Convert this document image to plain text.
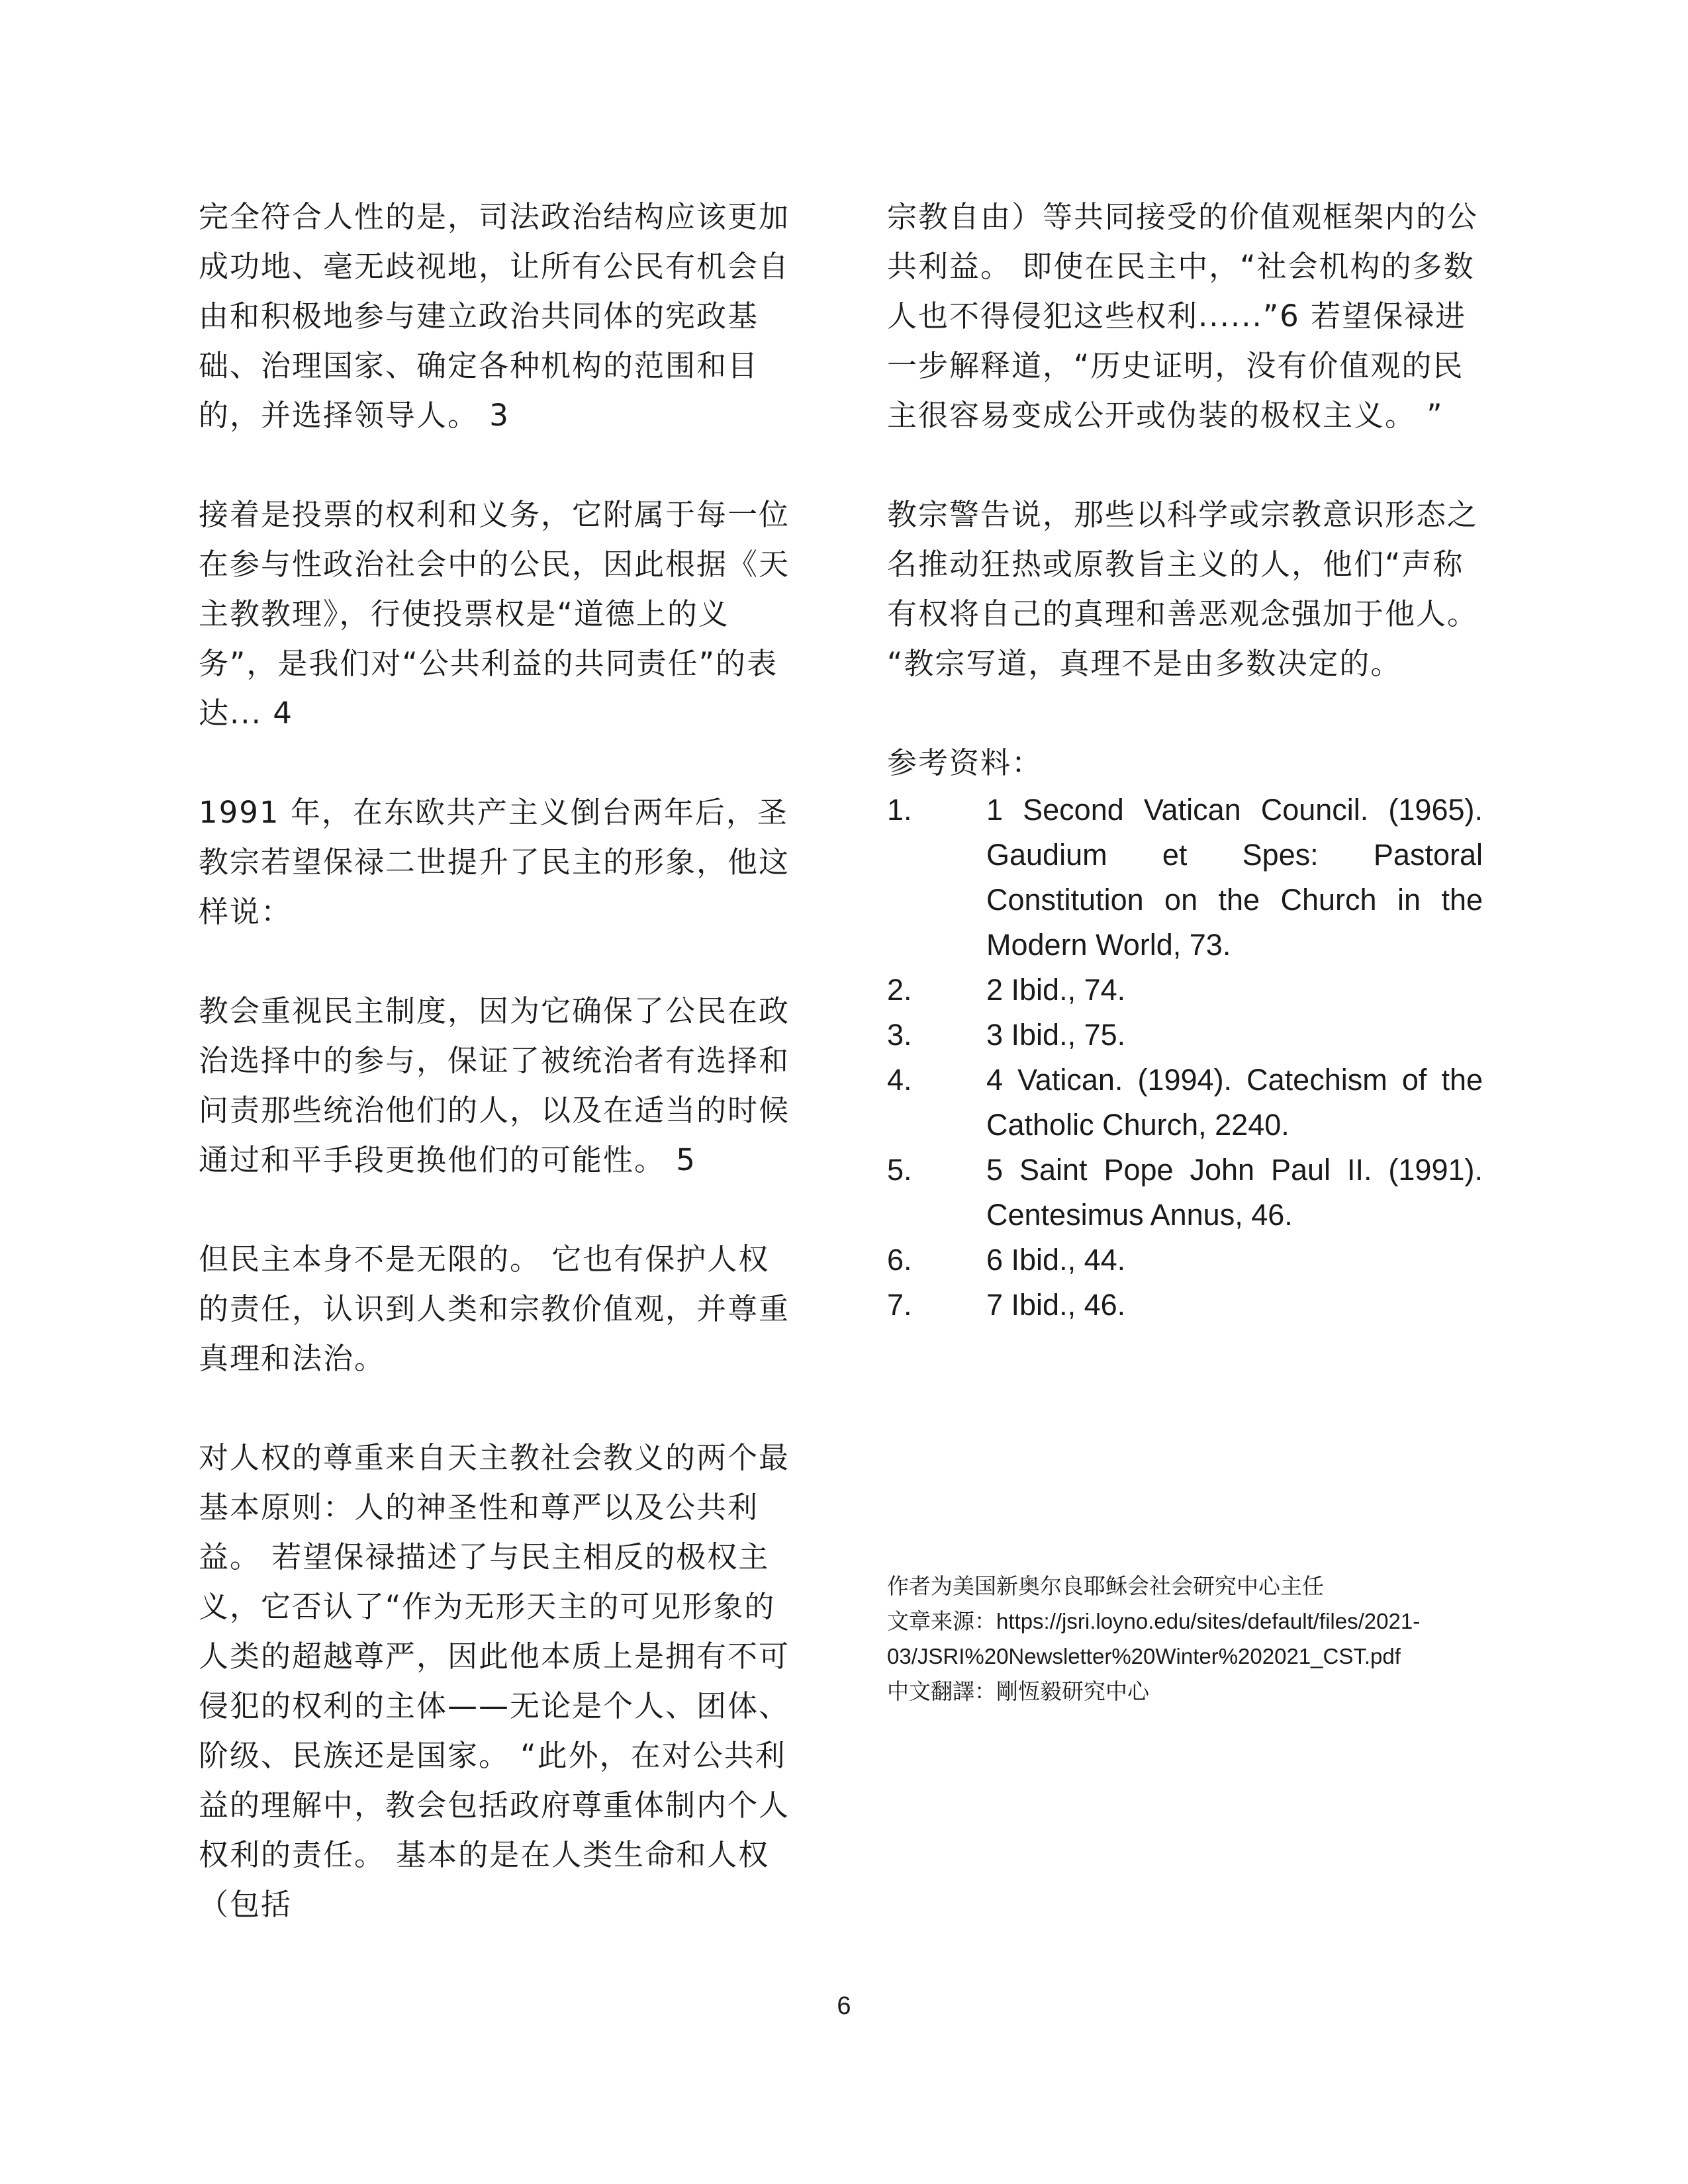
完全符合人性的是，司法政治结构应该更加成功地、毫无歧视地，让所有公民有机会自由和积极地参与建立政治共同体的宪政基础、治理国家、确定各种机构的范围和目的，并选择领导人。 3

接着是投票的权利和义务，它附属于每一位在参与性政治社会中的公民，因此根据《天主教教理》，行使投票权是“道德上的义务”，是我们对“公共利益的共同责任”的表达... 4

1991 年，在东欧共产主义倒台两年后，圣教宗若望保禄二世提升了民主的形象，他这样说：

教会重视民主制度，因为它确保了公民在政治选择中的参与，保证了被统治者有选择和问责那些统治他们的人，以及在适当的时候通过和平手段更换他们的可能性。 5

但民主本身不是无限的。 它也有保护人权的责任，认识到人类和宗教价值观，并尊重真理和法治。

对人权的尊重来自天主教社会教义的两个最基本原则：人的神圣性和尊严以及公共利益。 若望保禄描述了与民主相反的极权主义，它否认了“作为无形天主的可见形象的人类的超越尊严，因此他本质上是拥有不可侵犯的权利的主体——无论是个人、团体、阶级、民族还是国家。 “此外，在对公共利益的理解中，教会包括政府尊重体制内个人权利的责任。 基本的是在人类生命和人权（包括

宗教自由）等共同接受的价值观框架内的公共利益。 即使在民主中，“社会机构的多数人也不得侵犯这些权利......”6 若望保禄进一步解释道，“历史证明，没有价值观的民主很容易变成公开或伪装的极权主义。 ”

教宗警告说，那些以科学或宗教意识形态之名推动狂热或原教旨主义的人，他们“声称有权将自己的真理和善恶观念强加于他人。 “教宗写道，真理不是由多数决定的。

参考资料：

1.	1 Second Vatican Council. (1965). Gaudium et Spes: Pastoral Constitution on the Church in the Modern World, 73.
2.	2 Ibid., 74.
3.	3 Ibid., 75.
4.	4 Vatican. (1994). Catechism of the Catholic Church, 2240.
5.	5 Saint Pope John Paul II. (1991). Centesimus Annus, 46.
6.	6 Ibid., 44.
7.	7 Ibid., 46.
作者为美国新奥尔良耶稣会社会研究中心主任
文章来源：https://jsri.loyno.edu/sites/default/files/2021-
03/JSRI%20Newsletter%20Winter%202021_CST.pdf
中文翻譯：剛恆毅研究中心
6
